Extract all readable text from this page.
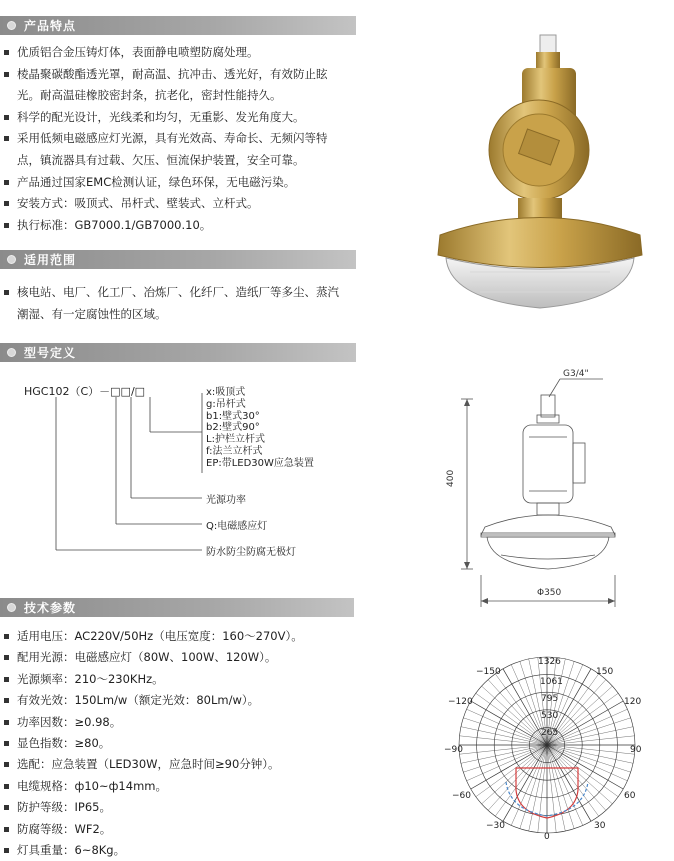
产品特点
适用范围
型号定义
技术参数
优质铝合金压铸灯体，表面静电喷塑防腐处理。
棱晶聚碳酸酯透光罩，耐高温、抗冲击、透光好，有效防止眩
光。耐高温硅橡胶密封条，抗老化，密封性能持久。
科学的配光设计，光线柔和均匀，无重影、发光角度大。
采用低频电磁感应灯光源，具有光效高、寿命长、无频闪等特
点，镇流器具有过载、欠压、恒流保护装置，安全可靠。
产品通过国家EMC检测认证，绿色环保，无电磁污染。
安装方式：吸顶式、吊杆式、壁装式、立杆式。
执行标准：GB7000.1/GB7000.10。
核电站、电厂、化工厂、冶炼厂、化纤厂、造纸厂等多尘、蒸汽
潮湿、有一定腐蚀性的区域。
HGC102（C）－□□/□	x:吸顶式
g:吊杆式
b1:壁式30°
b2:壁式90°
L:护栏立杆式
f:法兰立杆式
EP:带LED30W应急装置
光源功率
Q:电磁感应灯
防水防尘防腐无极灯
适用电压：AC220V/50Hz（电压宽度：160～270V）。
配用光源：电磁感应灯（80W、100W、120W）。
光源频率：210～230KHz。
有效光效：150Lm/w（额定光效：80Lm/w）。
功率因数：≥0.98。
显色指数：≥80。
选配：应急装置（LED30W，应急时间≥90分钟）。
电缆规格：ф10~ф14mm。
防护等级：IP65。
防腐等级：WF2。
灯具重量：6~8Kg。
G3/4"
400
Φ350
1326
1061
795
530
265
0
−150
−120
−90
−60
−30
150
120
90
60
30
